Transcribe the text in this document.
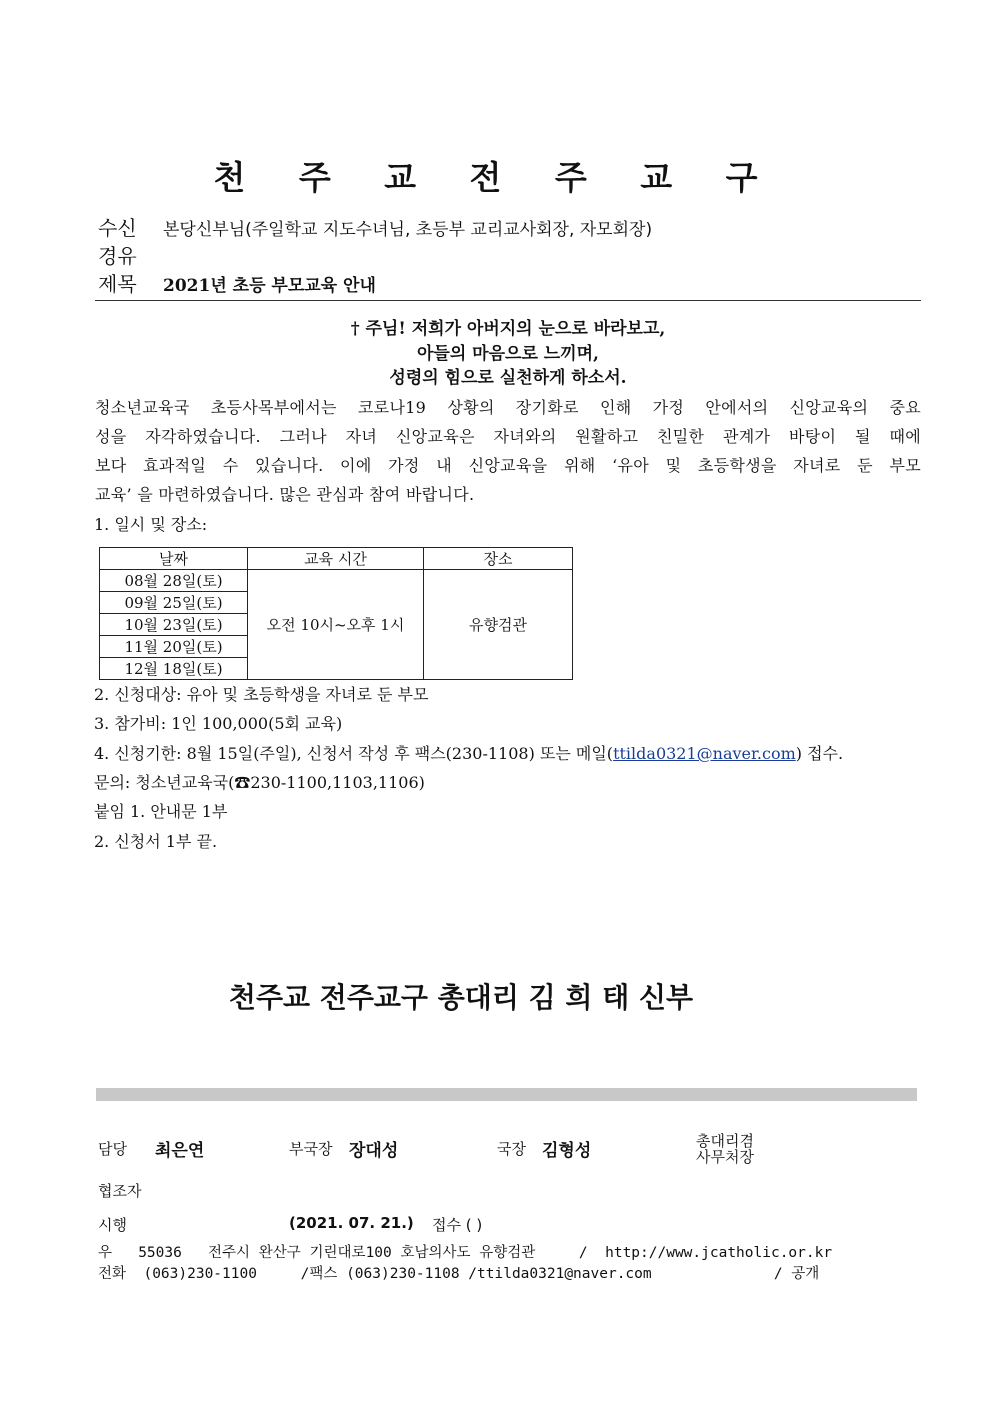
천 주 교 전 주 교 구
수신 본당신부님(주일학교 지도수녀님, 초등부 교리교사회장, 자모회장)
경유
제목 2021년 초등 부모교육 안내
† 주님! 저희가 아버지의 눈으로 바라보고,
아들의 마음으로 느끼며,
성령의 힘으로 실천하게 하소서.

청소년교육국 초등사목부에서는 코로나19 상황의 장기화로 인해 가정 안에서의 신앙교육의 중요

성을 자각하였습니다. 그러나 자녀 신앙교육은 자녀와의 원활하고 친밀한 관계가 바탕이 될 때에

보다 효과적일 수 있습니다. 이에 가정 내 신앙교육을 위해 ‘유아 및 초등학생을 자녀로 둔 부모

교육’ 을 마련하였습니다. 많은 관심과 참여 바랍니다.

1. 일시 및 장소:
날짜	교육 시간	장소
08월 28일(토)	오전 10시~오후 1시	유향검관
09월 25일(토)		
10월 23일(토)		
11월 20일(토)		
12월 18일(토)		
2. 신청대상: 유아 및 초등학생을 자녀로 둔 부모
3. 참가비: 1인 100,000(5회 교육)
4. 신청기한: 8월 15일(주일), 신청서 작성 후 팩스(230-1108) 또는 메일(ttilda0321@naver.com) 접수.
문의: 청소년교육국(☎230-1100,1103,1106)
붙임 1. 안내문 1부
2. 신청서 1부 끝.
천주교 전주교구 총대리 김 희 태 신부
담당 최은연	부국장 장대성	국장 김형성	총대리겸
사무처장
협조자
시행	(2021. 07. 21.) 접수 ( )
우   55036   전주시 완산구 기린대로100 호남의사도 유향검관     /  http://www.jcatholic.or.kr
전화  (063)230-1100     /팩스 (063)230-1108 /ttilda0321@naver.com              / 공개
